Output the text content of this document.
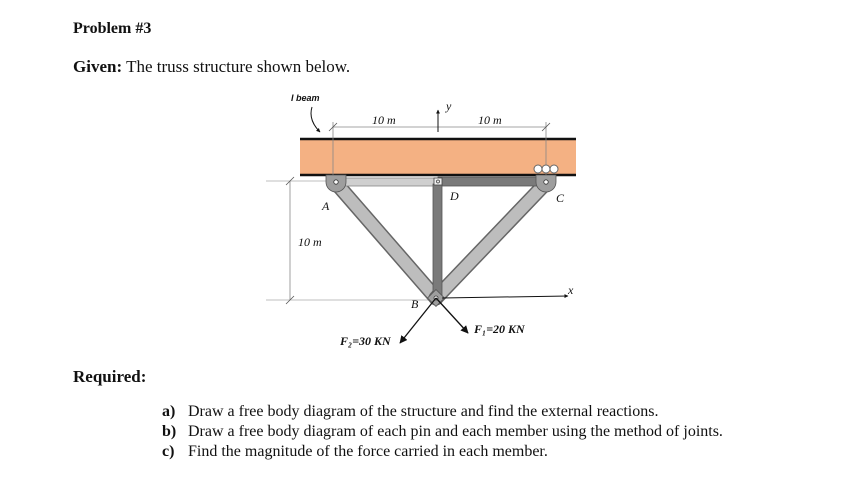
Problem #3
Given: The truss structure shown below.
I beam
10 m	10 m
y
10 m
A
D	C
B
x
F₂=30 KN
F₁=20 KN
Required:
a) Draw a free body diagram of the structure and find the external reactions.
b) Draw a free body diagram of each pin and each member using the method of joints.
c) Find the magnitude of the force carried in each member.
